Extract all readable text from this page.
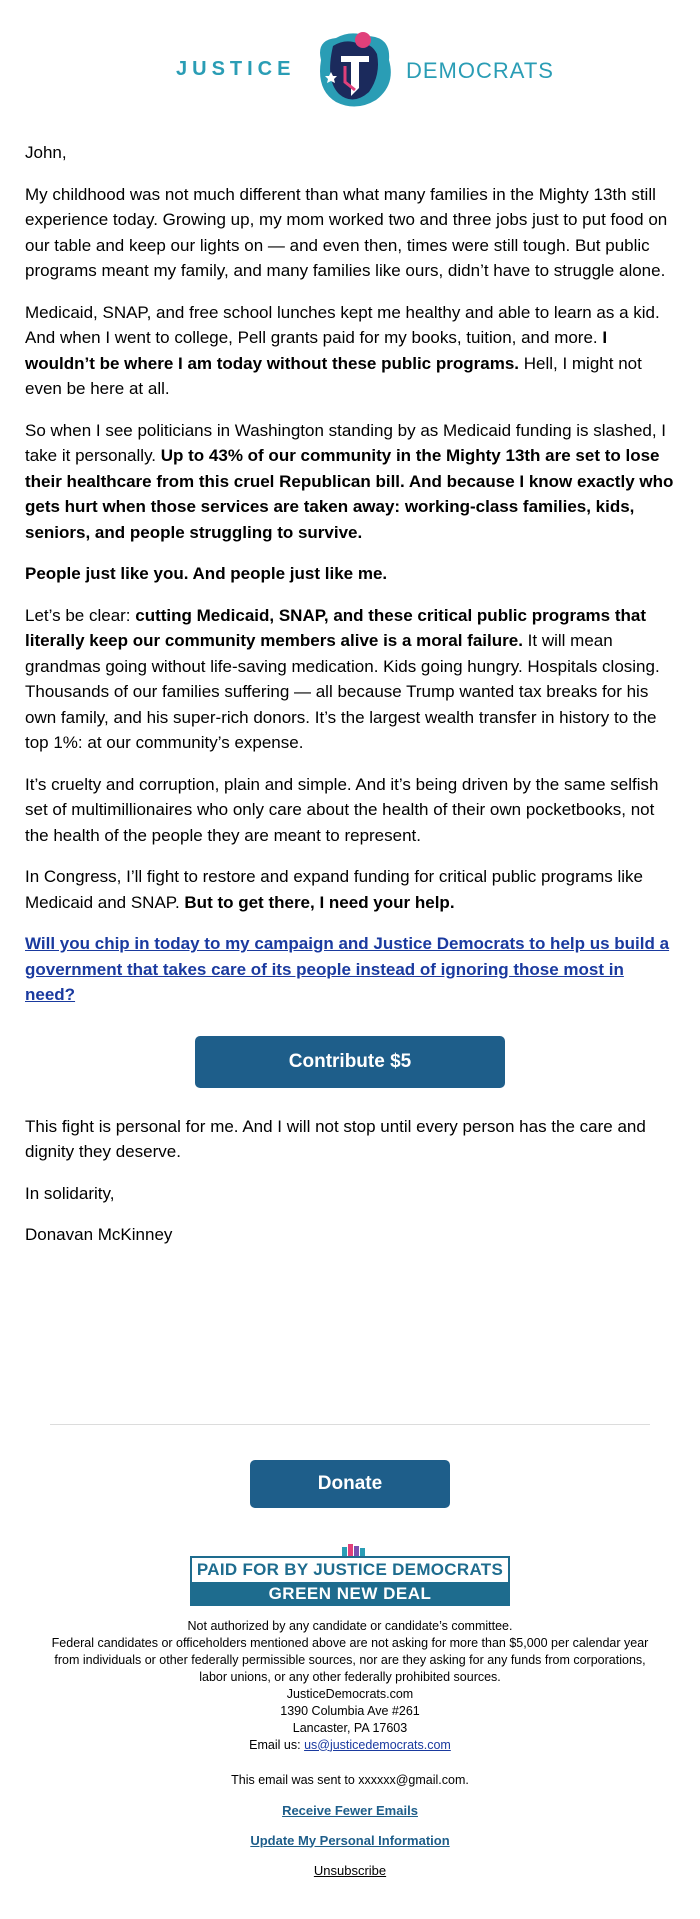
JUSTICE	DEMOCRATS

John,

My childhood was not much different than what many families in the Mighty 13th still experience today. Growing up, my mom worked two and three jobs just to put food on our table and keep our lights on — and even then, times were still tough. But public programs meant my family, and many families like ours, didn’t have to struggle alone.

Medicaid, SNAP, and free school lunches kept me healthy and able to learn as a kid. And when I went to college, Pell grants paid for my books, tuition, and more. I wouldn’t be where I am today without these public programs. Hell, I might not even be here at all.

So when I see politicians in Washington standing by as Medicaid funding is slashed, I take it personally. Up to 43% of our community in the Mighty 13th are set to lose their healthcare from this cruel Republican bill. And because I know exactly who gets hurt when those services are taken away: working-class families, kids, seniors, and people struggling to survive.

People just like you. And people just like me.

Let’s be clear: cutting Medicaid, SNAP, and these critical public programs that literally keep our community members alive is a moral failure. It will mean grandmas going without life-saving medication. Kids going hungry. Hospitals closing. Thousands of our families suffering — all because Trump wanted tax breaks for his own family, and his super-rich donors. It’s the largest wealth transfer in history to the top 1%: at our community’s expense.

It’s cruelty and corruption, plain and simple. And it’s being driven by the same selfish set of multimillionaires who only care about the health of their own pocketbooks, not the health of the people they are meant to represent.

In Congress, I’ll fight to restore and expand funding for critical public programs like Medicaid and SNAP. But to get there, I need your help.

Will you chip in today to my campaign and Justice Democrats to help us build a government that takes care of its people instead of ignoring those most in need?

Contribute $5

This fight is personal for me. And I will not stop until every person has the care and dignity they deserve.

In solidarity,

Donavan McKinney

Donate
PAID FOR BY JUSTICE DEMOCRATS
GREEN NEW DEAL
Not authorized by any candidate or candidate’s committee.
Federal candidates or officeholders mentioned above are not asking for more than $5,000 per calendar year from individuals or other federally permissible sources, nor are they asking for any funds from corporations, labor unions, or any other federally prohibited sources.
JusticeDemocrats.com
1390 Columbia Ave #261
Lancaster, PA 17603
Email us: us@justicedemocrats.com
This email was sent to xxxxxx@gmail.com.
Receive Fewer Emails
Update My Personal Information
Unsubscribe
